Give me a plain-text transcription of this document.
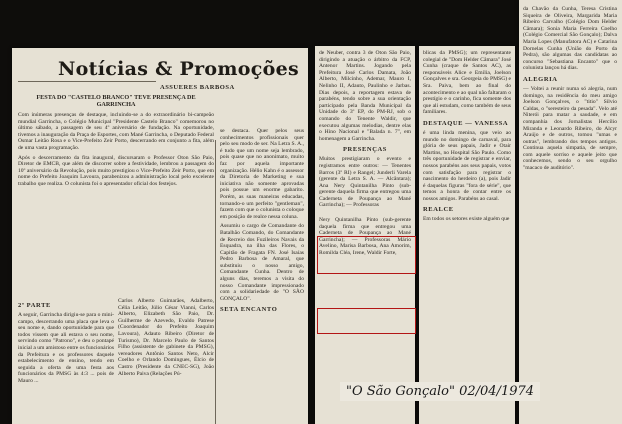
Notícias & Promoções
ASSUERES BARBOSA
FESTA DO "CASTELO BRANCO" TEVE PRESENÇA DE GARRINCHA

Com inúmeras presenças de destaque, incluindo-se a do extraordinário bi-campeão mundial Garrincha, o Colégio Municipal "Presidente Castelo Branco" comemorou no último sábado, a passagem de seu 4º aniversário de fundação. Na oportunidade, tivemos a inauguração da Praça de Esportes, com Mané Garrincha, o Deputado Federal Osmar Leitão Rosa e o Vice-Prefeito Zeir Porto, descerrando em conjunto a fita, além de uma vasta programação.

Após o descerramento da fita inaugural, discursaram o Professor Oton São Paio, Diretor de EMCB, que além de discorrer sobre a festividade, lembrou a passagem do 10º aniversário da Revolução, pois muito prestigiou o Vice-Prefeito Zeir Porto, que em nome do Prefeito Joaquim Lavoura, parabenizou a administração local pelo excelente trabalho que realiza. O colunista foi o apresentador oficial dos festejos.

2ª PARTE

A seguir, Garrincha dirigiu-se para o mini-campo, descerrando uma placa que leva o seu nome e, dando oportunidade para que todos vissem que ali estava o seu nome, servindo como "Patrono", e deu o pontapé inicial a um amistoso entre os funcionários da Prefeitura e os professores daquele estabelecimento de ensino, tendo em seguida a oferta de uma festa aos funcionários da PMSG às 4:3 ... pois de Mauro ...

Carlos Alberto Guimarães, Adalberto, Célia Leitão, Júlio César Vianni, Carlos Alberto, Elizabeth São Paio, Dr. Guilherme de Azevedo, Evaldo Patrese (Coordenador do Prefeito Joaquim Lavoura), Adauto Ribeiro (Diretor de Turismo), Dr. Marcelo Paulo de Santos Filho (assistente de gabinete da PMSG), vereadores Antônio Santos Neto, Alcir Coelho e Orlando Domingues, Élcio de Castro (Presidente da CNEC-SG), João Alberto Paiva (Relações Pú-

se destaca. Quer pelos seus conhecimentos profissionais quer pelo seu modo de ser. Na Letra S. A., é tudo que um nome seja lembrado, pois quase que no anonimato, muito faz por aquela importante organização. Hélio Kahn é o assessor da Diretoria de Marketing e sua iniciativa não somente aprovadas pois possue um enorme gabarito. Porém, as suas maneiras educadas, tornando-o um perfeito "gentleman", fazem com que o colunista o coloque em posição de realce nessa coluna.

Assumiu o cargo de Comandante do Batalhão Comando, do Comandante de Recreio dos Fuzileiros Navais da Esquadra, na ilha das Flores, o Capitão de Fragata FN. José Isaías Pedro Barbosa de Amaral, que substituiu o nosso amigo, Comandante Cunha. Dentro de alguns dias, teremos a visita do nosso Comandante impressionado com a solidariedade de "O SÃO GONÇALO".

SETA ENCANTO

de Neuber, contra 3 de Oton São Paio, dirigindo a atuação o árbitro da FCP, Antenor Martins. Jogando pela Prefeitura José Carlos Damata, João Alberto, Milcinho, Ademar, Mauro I, Nelinho II, Adauto, Paulinho e Jarbas. Dias depois, a reportagem estava de parabéns, tendo sobre a sua orientação participado pela Banda Municipal da Unidade do 3º EP, do PM-RJ, sob o comando do Tenente Waldir, que executou algumas melodias, dentre elas o Hino Nacional e "Balada n. 7", em homenagem a Garrincha.

PRESENÇAS

Muitos prestigiaram o evento e registramos entre outros: — Tenentes Barros (3º RI) e Rangel; Junderli Varela (gerente da Letra S. A. — Alcântara); Ana Nery Quintanilha Pinto (sub-gerente daquela firma que entregou uma Caderneta de Poupança ao Mané Garrincha); — Professoras

Nery Quintanilha Pinto (sub-gerente daquela firma que entregou uma Caderneta de Poupança ao Mané Garrincha); — Professoras Mário Avelino, Marisa Barbosa, Ana Amorim, Romilda Cléa, Irene, Waldir Forte,

blicas da PMSG); um representante colegial de "Dom Helder Câmara" José Cunha (craque de Santos AC), as responsáveis Alice e Emília, Joelson Gonçalves e sra. Georgeia do PMSG) e Sra. Paiva, bem ao final do acontecimento e ao qual não faltaram o prestígio e o carinho, fica somente dos que ali estudam, como também de seus familiares.

DESTAQUE — VANESSA

é uma linda menina, que veio ao mundo no domingo de carnaval, para glória de seus papais, Jadir e Otair Martins, no Hospital São Paulo. Como três oportunidade de registrar e enviar, nossos parabéns aos seus papais, votos com satisfação para registrar o nascimento do herdeiro (a), pois Jadir é daquelas figuras "fora de série", que temos a honra de contar entre os nossos amigos. Parabéns ao casal.

REALCE

Em todos os setores existe alguém que

da Chavão da Cunha, Teresa Cristina Siqueira de Oliveira, Margarida Maria Ribeiro Carvalho (Colégio Dom Helder Câmara); Sonia Maria Ferreira Coelho (Colégio Comercial São Gonçalo); Dalva Maria Lopes (Manufatora AC) e Catarina Dornelas Cunha (União do Porto da Pedra), são algumas das candidatas ao concurso "Sebastiana Encanto" que o colunista lançou há dias.

ALEGRIA

— Voltei a reunir numa só alegria, num domingo, na residência do meu amigo Joelson Gonçalves, o "titio" Silvio Caldas, o "seresteiro da pesada". Velo até Niterói para matar a saudade, e em companhia dos Jornalistas Hercílio Miranda e Leonardo Ribeiro, do Alcyr Araújo e de outros, tomou "umas e outras", lembrando dos tempos antigos. Continua aquela simpatia, de sempre, com aquele sorriso e aquele jeito que conhecemos, sendo o seu orgulho "macaco de auditório".

"O São Gonçalo" 02/04/1974
